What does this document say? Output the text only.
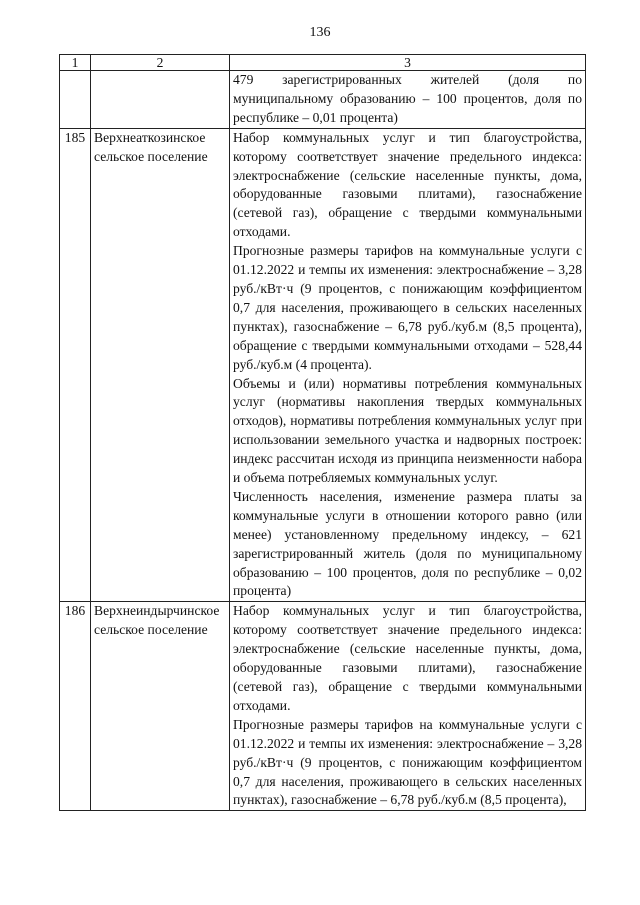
136
1	2	3

		479 зарегистрированных жителей (доля по муниципальному образованию – 100 процентов, доля по республике – 0,01 процента)

185	Верхнеаткозинское сельское поселение	Набор коммунальных услуг и тип благоустройства, которому соответствует значение предельного индекса: электроснабжение (сельские населенные пункты, дома, оборудованные газовыми плитами), газоснабжение (сетевой газ), обращение с твердыми коммунальными отходами.

Прогнозные размеры тарифов на коммунальные услуги с 01.12.2022 и темпы их изменения: электроснабжение – 3,28 руб./кВт·ч (9 процентов, с понижающим коэффициентом 0,7 для населения, проживающего в сельских населенных пунктах), газоснабжение – 6,78 руб./куб.м (8,5 процента), обращение с твердыми коммунальными отходами – 528,44 руб./куб.м (4 процента).

Объемы и (или) нормативы потребления коммунальных услуг (нормативы накопления твердых коммунальных отходов), нормативы потребления коммунальных услуг при использовании земельного участка и надворных построек: индекс рассчитан исходя из принципа неизменности набора и объема потребляемых коммунальных услуг.

Численность населения, изменение размера платы за коммунальные услуги в отношении которого равно (или менее) установленному предельному индексу, – 621 зарегистрированный житель (доля по муниципальному образованию – 100 процентов, доля по республике – 0,02 процента)

186	Верхнеиндырчинское сельское поселение	Набор коммунальных услуг и тип благоустройства, которому соответствует значение предельного индекса: электроснабжение (сельские населенные пункты, дома, оборудованные газовыми плитами), газоснабжение (сетевой газ), обращение с твердыми коммунальными отходами.

Прогнозные размеры тарифов на коммунальные услуги с 01.12.2022 и темпы их изменения: электроснабжение – 3,28 руб./кВт·ч (9 процентов, с понижающим коэффициентом 0,7 для населения, проживающего в сельских населенных пунктах), газоснабжение – 6,78 руб./куб.м (8,5 процента),
